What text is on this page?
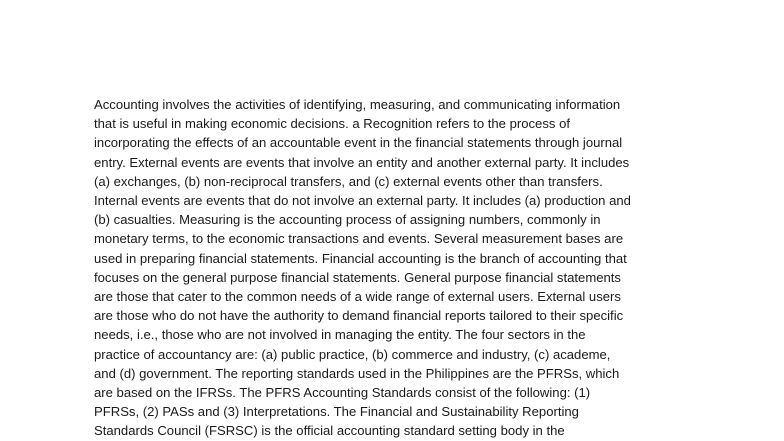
Accounting involves the activities of identifying, measuring, and communicating information
that is useful in making economic decisions. a Recognition refers to the process of
incorporating the effects of an accountable event in the financial statements through journal
entry. External events are events that involve an entity and another external party. It includes
(a) exchanges, (b) non-reciprocal transfers, and (c) external events other than transfers.
Internal events are events that do not involve an external party. It includes (a) production and
(b) casualties. Measuring is the accounting process of assigning numbers, commonly in
monetary terms, to the economic transactions and events. Several measurement bases are
used in preparing financial statements. Financial accounting is the branch of accounting that
focuses on the general purpose financial statements. General purpose financial statements
are those that cater to the common needs of a wide range of external users. External users
are those who do not have the authority to demand financial reports tailored to their specific
needs, i.e., those who are not involved in managing the entity. The four sectors in the
practice of accountancy are: (a) public practice, (b) commerce and industry, (c) academe,
and (d) government. The reporting standards used in the Philippines are the PFRSs, which
are based on the IFRSs. The PFRS Accounting Standards consist of the following: (1)
PFRSs, (2) PASs and (3) Interpretations. The Financial and Sustainability Reporting
Standards Council (FSRSC) is the official accounting standard setting body in the
